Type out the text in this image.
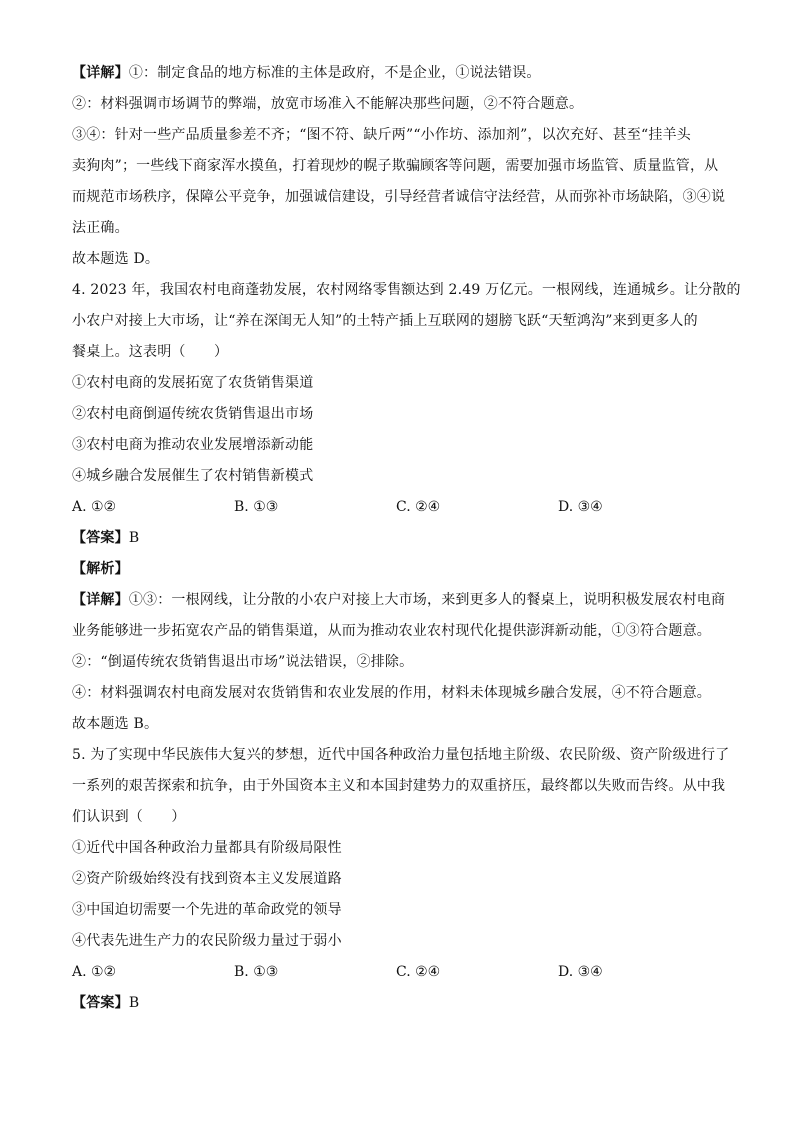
【详解】①：制定食品的地方标准的主体是政府，不是企业，①说法错误。
②：材料强调市场调节的弊端，放宽市场准入不能解决那些问题，②不符合题意。
③④：针对一些产品质量参差不齐；“图不符、缺斤两”“小作坊、添加剂”，以次充好、甚至“挂羊头
卖狗肉”；一些线下商家浑水摸鱼，打着现炒的幌子欺骗顾客等问题，需要加强市场监管、质量监管，从
而规范市场秩序，保障公平竞争，加强诚信建设，引导经营者诚信守法经营，从而弥补市场缺陷，③④说
法正确。
故本题选 D。
4. 2023 年，我国农村电商蓬勃发展，农村网络零售额达到 2.49 万亿元。一根网线，连通城乡。让分散的
小农户对接上大市场，让“养在深闺无人知”的土特产插上互联网的翅膀飞跃“天堑鸿沟”来到更多人的
餐桌上。这表明（　　）
①农村电商的发展拓宽了农货销售渠道
②农村电商倒逼传统农货销售退出市场
③农村电商为推动农业发展增添新动能
④城乡融合发展催生了农村销售新模式
A. ①②	B. ①③	C. ②④	D. ③④
【答案】B
【解析】
【详解】①③：一根网线，让分散的小农户对接上大市场，来到更多人的餐桌上，说明积极发展农村电商
业务能够进一步拓宽农产品的销售渠道，从而为推动农业农村现代化提供澎湃新动能，①③符合题意。
②：“倒逼传统农货销售退出市场”说法错误，②排除。
④：材料强调农村电商发展对农货销售和农业发展的作用，材料未体现城乡融合发展，④不符合题意。
故本题选 B。
5. 为了实现中华民族伟大复兴的梦想，近代中国各种政治力量包括地主阶级、农民阶级、资产阶级进行了
一系列的艰苦探索和抗争，由于外国资本主义和本国封建势力的双重挤压，最终都以失败而告终。从中我
们认识到（　　）
①近代中国各种政治力量都具有阶级局限性
②资产阶级始终没有找到资本主义发展道路
③中国迫切需要一个先进的革命政党的领导
④代表先进生产力的农民阶级力量过于弱小
A. ①②	B. ①③	C. ②④	D. ③④
【答案】B
